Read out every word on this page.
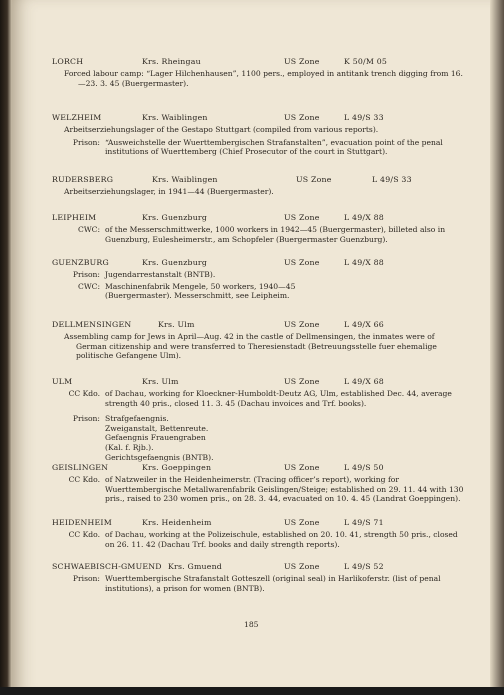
LORCH	Krs. Rheingau	US Zone	K 50/M 05
Forced labour camp: “Lager Hilchenhausen”, 1100 pers., employed in antitank trench digging from 16.—23. 3. 45 (Buergermaster).
WELZHEIM	Krs. Waiblingen	US Zone	L 49/S 33
Arbeitserziehungslager of the Gestapo Stuttgart (compiled from various reports).
Prison: “Ausweichstelle der Wuerttembergischen Strafanstalten”, evacuation point of the penal institutions of Wuerttemberg (Chief Prosecutor of the court in Stuttgart).
RUDERSBERG	Krs. Waiblingen	US Zone	L 49/S 33
Arbeitserziehungslager, in 1941—44 (Buergermaster).
LEIPHEIM	Krs. Guenzburg	US Zone	L 49/X 88
CWC: of the Messerschmittwerke, 1000 workers in 1942—45 (Buergermaster), billeted also in Guenzburg, Eulesheimerstr., am Schopfeler (Buergermaster Guenzburg).
GUENZBURG	Krs. Guenzburg	US Zone	L 49/X 88
Prison: Jugendarrestanstalt (BNTB).
CWC: Maschinenfabrik Mengele, 50 workers, 1940—45 (Buergermaster). Messerschmitt, see Leipheim.
DELLMENSINGEN	Krs. Ulm	US Zone	L 49/X 66
Assembling camp for Jews in April—Aug. 42 in the castle of Dellmensingen, the inmates were of German citizenship and were transferred to Theresienstadt (Betreuungsstelle fuer ehemalige politische Gefangene Ulm).
ULM	Krs. Ulm	US Zone	L 49/X 68
CC Kdo. of Dachau, working for Kloeckner-Humboldt-Deutz AG, Ulm, established Dec. 44, average strength 40 pris., closed 11. 3. 45 (Dachau invoices and Trf. books).
Prison: Strafgefaengnis. Zweiganstalt, Bettenreute. Gefaengnis Frauengraben (Kal. f. Rjb.). Gerichtsgefaengnis (BNTB).
GEISLINGEN	Krs. Goeppingen	US Zone	L 49/S 50
CC Kdo. of Natzweiler in the Heidenheimerstr. (Tracing officer’s report), working for Wuerttembergische Metallwarenfabrik Geislingen/Steige; established on 29. 11. 44 with 130 pris., raised to 230 women pris., on 28. 3. 44, evacuated on 10. 4. 45 (Landrat Goeppingen).
HEIDENHEIM	Krs. Heidenheim	US Zone	L 49/S 71
CC Kdo. of Dachau, working at the Polizeischule, established on 20. 10. 41, strength 50 pris., closed on 26. 11. 42 (Dachau Trf. books and daily strength reports).
SCHWAEBISCH-GMUEND Krs. Gmuend	US Zone	L 49/S 52
Prison: Wuerttembergische Strafanstalt Gotteszell (original seal) in Harlikoferstr. (list of penal institutions), a prison for women (BNTB).
185
